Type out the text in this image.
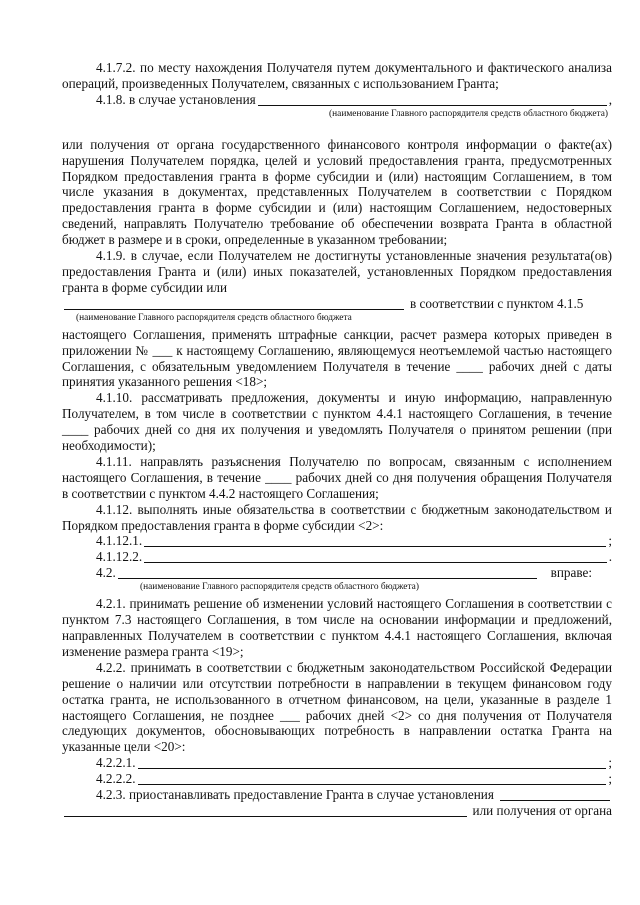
4.1.7.2. по месту нахождения Получателя путем документального и фактического анализа операций, произведенных Получателем, связанных с использованием Гранта;

4.1.8. в случае установления	,
(наименование Главного распорядителя средств областного бюджета)

или получения от органа государственного финансового контроля информации о факте(ах) нарушения Получателем порядка, целей и условий предоставления гранта, предусмотренных Порядком предоставления гранта в форме субсидии и (или) настоящим Соглашением, в том числе указания в документах, представленных Получателем в соответствии с Порядком предоставления гранта в форме субсидии и (или) настоящим Соглашением, недостоверных сведений, направлять Получателю требование об обеспечении возврата Гранта в областной бюджет в размере и в сроки, определенные в указанном требовании;

4.1.9. в случае, если Получателем не достигнуты установленные значения результата(ов) предоставления Гранта и (или) иных показателей, установленных Порядком предоставления гранта в форме субсидии или

в соответствии с пунктом 4.1.5
(наименование Главного распорядителя средств областного бюджета

настоящего Соглашения, применять штрафные санкции, расчет размера которых приведен в приложении № ___ к настоящему Соглашению, являющемуся неотъемлемой частью настоящего Соглашения, с обязательным уведомлением Получателя в течение ____ рабочих дней с даты принятия указанного решения <18>;

4.1.10. рассматривать предложения, документы и иную информацию, направленную Получателем, в том числе в соответствии с пунктом 4.4.1 настоящего Соглашения, в течение ____ рабочих дней со дня их получения и уведомлять Получателя о принятом решении (при необходимости);

4.1.11. направлять разъяснения Получателю по вопросам, связанным с исполнением настоящего Соглашения, в течение ____ рабочих дней со дня получения обращения Получателя в соответствии с пунктом 4.4.2 настоящего Соглашения;

4.1.12. выполнять иные обязательства в соответствии с бюджетным законодательством и Порядком предоставления гранта в форме субсидии <2>:

4.1.12.1.	;
4.1.12.2.	.
4.2.	вправе:
(наименование Главного распорядителя средств областного бюджета)

4.2.1. принимать решение об изменении условий настоящего Соглашения в соответствии с пунктом 7.3 настоящего Соглашения, в том числе на основании информации и предложений, направленных Получателем в соответствии с пунктом 4.4.1 настоящего Соглашения, включая изменение размера гранта <19>;

4.2.2. принимать в соответствии с бюджетным законодательством Российской Федерации решение о наличии или отсутствии потребности в направлении в текущем финансовом году остатка гранта, не использованного в отчетном финансовом, на цели, указанные в разделе 1 настоящего Соглашения, не позднее ___ рабочих дней <2> со дня получения от Получателя следующих документов, обосновывающих потребность в направлении остатка Гранта на указанные цели <20>:

4.2.2.1.	;
4.2.2.2.	;
4.2.3. приостанавливать предоставление Гранта в случае установления
или получения от органа
